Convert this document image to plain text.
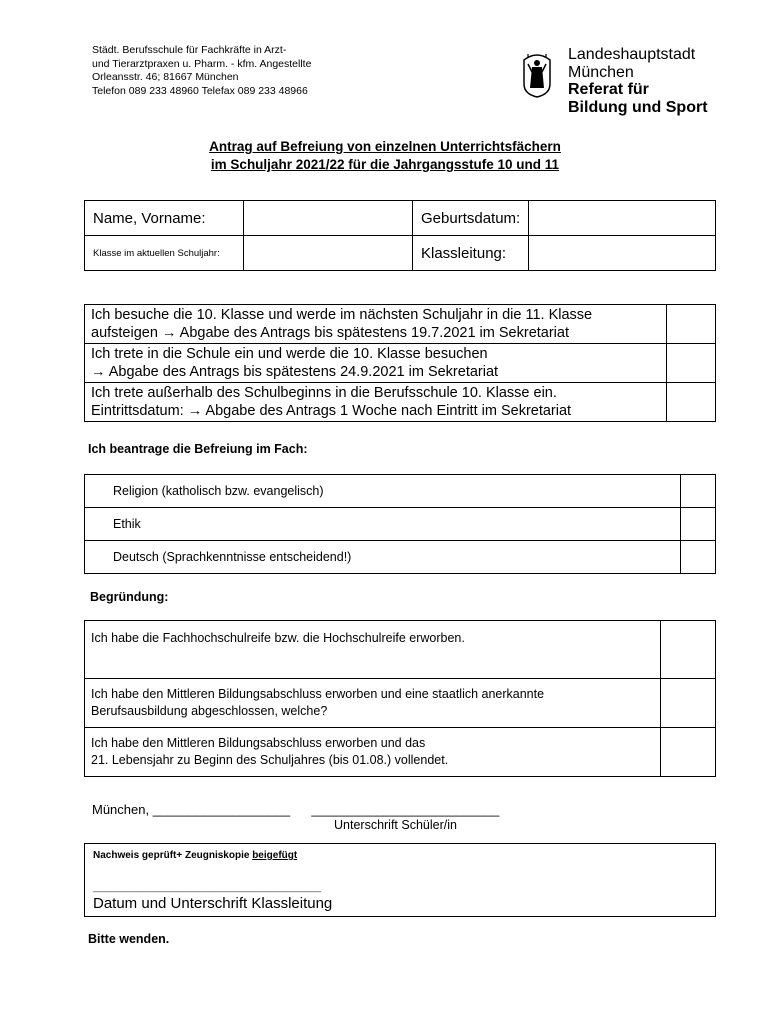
Städt. Berufsschule für Fachkräfte in Arzt-
und Tierarztpraxen u. Pharm. - kfm. Angestellte
Orleansstr. 46; 81667 München
Telefon 089 233 48960 Telefax 089 233 48966
Landeshauptstadt
München
Referat für
Bildung und Sport
Antrag auf Befreiung von einzelnen Unterrichtsfächern
im Schuljahr 2021/22 für die Jahrgangsstufe 10 und 11
Name, Vorname:		Geburtsdatum:	
Klasse im aktuellen Schuljahr:		Klassleitung:	
Ich besuche die 10. Klasse und werde im nächsten Schuljahr in die 11. Klasse
aufsteigen → Abgabe des Antrags bis spätestens 19.7.2021 im Sekretariat	

Ich trete in die Schule ein und werde die 10. Klasse besuchen
→ Abgabe des Antrags bis spätestens 24.9.2021 im Sekretariat	

Ich trete außerhalb des Schulbeginns in die Berufsschule 10. Klasse ein.
Eintrittsdatum: → Abgabe des Antrags 1 Woche nach Eintritt im Sekretariat	

Ich beantrage die Befreiung im Fach:
Religion (katholisch bzw. evangelisch)	
Ethik	
Deutsch (Sprachkenntnisse entscheidend!)	
Begründung:
Ich habe die Fachhochschulreife bzw. die Hochschulreife erworben.	

Ich habe den Mittleren Bildungsabschluss erworben und eine staatlich anerkannte
Berufsausbildung abgeschlossen, welche?	

Ich habe den Mittleren Bildungsabschluss erworben und das
21. Lebensjahr zu Beginn des Schuljahres (bis 01.08.) vollendet.	

München, ___________________ __________________________
Unterschrift Schüler/in
Nachweis geprüft+ Zeugniskopie beigefügt
_________________________________________
Datum und Unterschrift Klassleitung
Bitte wenden.
